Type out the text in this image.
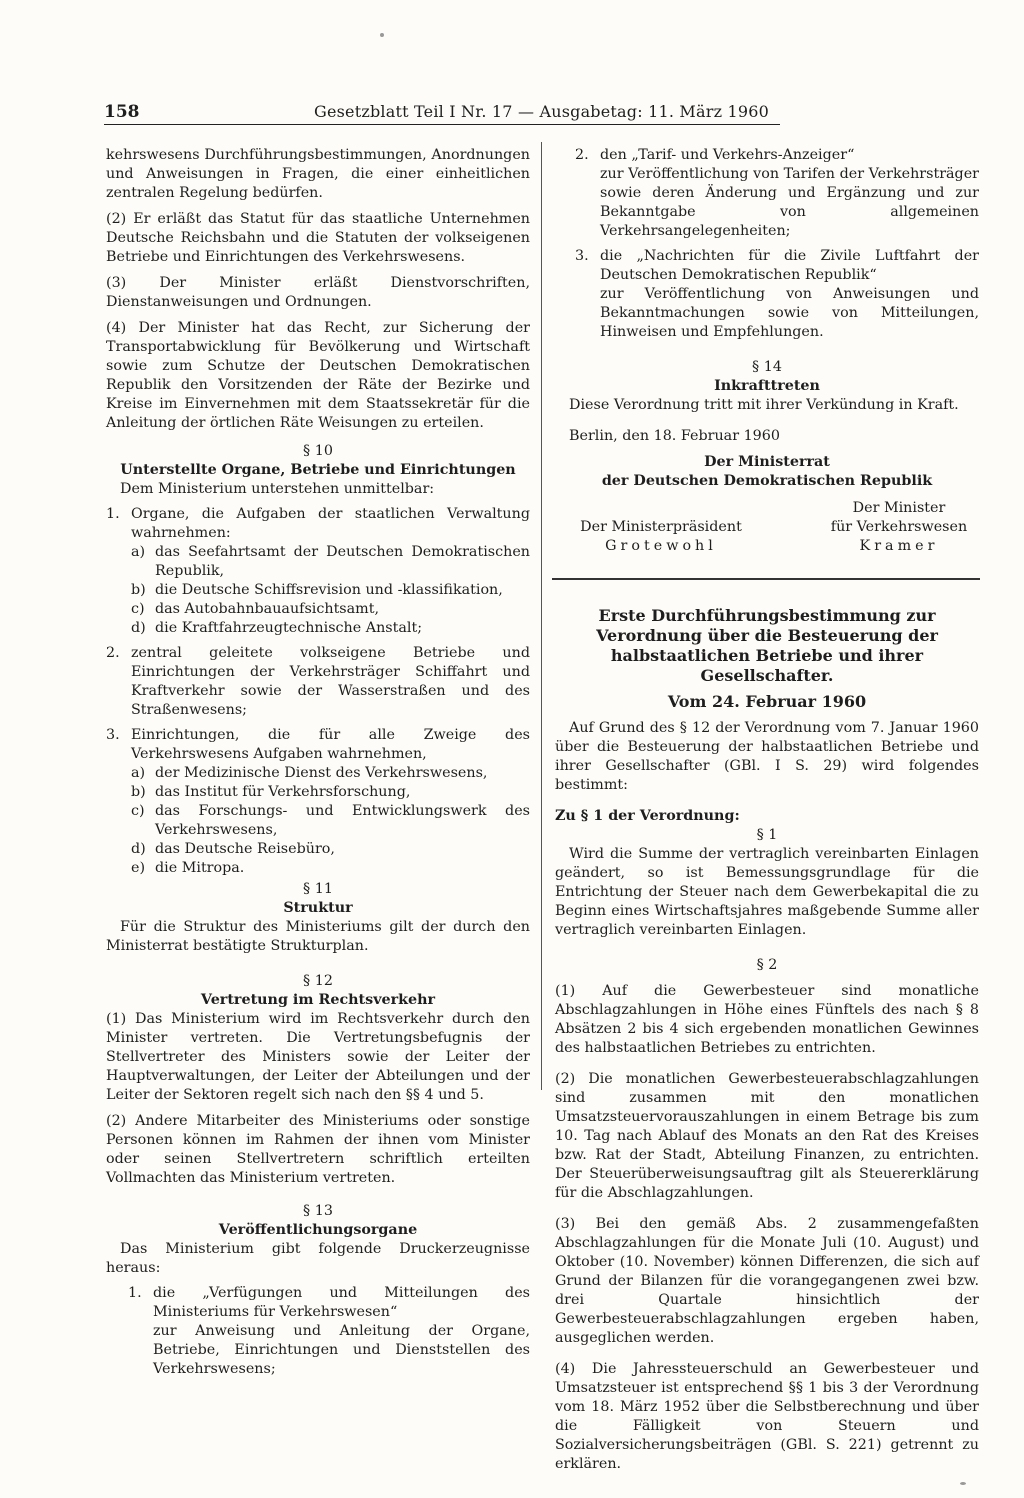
158	Gesetzblatt Teil I Nr. 17 — Ausgabetag: 11. März 1960

kehrswesens Durchführungsbestimmungen, Anordnungen und Anweisungen in Fragen, die einer einheitlichen zentralen Regelung bedürfen.

(2) Er erläßt das Statut für das staatliche Unternehmen Deutsche Reichsbahn und die Statuten der volkseigenen Betriebe und Einrichtungen des Verkehrswesens.

(3) Der Minister erläßt Dienstvorschriften, Dienstanweisungen und Ordnungen.

(4) Der Minister hat das Recht, zur Sicherung der Transportabwicklung für Bevölkerung und Wirtschaft sowie zum Schutze der Deutschen Demokratischen Republik den Vorsitzenden der Räte der Bezirke und Kreise im Einvernehmen mit dem Staatssekretär für die Anleitung der örtlichen Räte Weisungen zu erteilen.

§ 10

Unterstellte Organe, Betriebe und Einrichtungen

Dem Ministerium unterstehen unmittelbar:

1. Organe, die Aufgaben der staatlichen Verwaltung wahrnehmen:

a) das Seefahrtsamt der Deutschen Demokratischen Republik,
b) die Deutsche Schiffsrevision und -klassifikation,
c) das Autobahnbauaufsichtsamt,
d) die Kraftfahrzeugtechnische Anstalt;
2. zentral geleitete volkseigene Betriebe und Einrichtungen der Verkehrsträger Schiffahrt und Kraftverkehr sowie der Wasserstraßen und des Straßenwesens;

3. Einrichtungen, die für alle Zweige des Verkehrswesens Aufgaben wahrnehmen,

a) der Medizinische Dienst des Verkehrswesens,
b) das Institut für Verkehrsforschung,
c) das Forschungs- und Entwicklungswerk des Verkehrswesens,
d) das Deutsche Reisebüro,
e) die Mitropa.

§ 11

Struktur

Für die Struktur des Ministeriums gilt der durch den Ministerrat bestätigte Strukturplan.

§ 12

Vertretung im Rechtsverkehr

(1) Das Ministerium wird im Rechtsverkehr durch den Minister vertreten. Die Vertretungsbefugnis der Stellvertreter des Ministers sowie der Leiter der Hauptverwaltungen, der Leiter der Abteilungen und der Leiter der Sektoren regelt sich nach den §§ 4 und 5.

(2) Andere Mitarbeiter des Ministeriums oder sonstige Personen können im Rahmen der ihnen vom Minister oder seinen Stellvertretern schriftlich erteilten Vollmachten das Ministerium vertreten.

§ 13

Veröffentlichungsorgane

Das Ministerium gibt folgende Druckerzeugnisse heraus:

1. die „Verfügungen und Mitteilungen des Ministeriums für Verkehrswesen“

zur Anweisung und Anleitung der Organe, Betriebe, Einrichtungen und Dienststellen des Verkehrswesens;

2. den „Tarif- und Verkehrs-Anzeiger“

zur Veröffentlichung von Tarifen der Verkehrsträger sowie deren Änderung und Ergänzung und zur Bekanntgabe von allgemeinen Verkehrsangelegenheiten;

3. die „Nachrichten für die Zivile Luftfahrt der Deutschen Demokratischen Republik“

zur Veröffentlichung von Anweisungen und Bekanntmachungen sowie von Mitteilungen, Hinweisen und Empfehlungen.

§ 14

Inkrafttreten

Diese Verordnung tritt mit ihrer Verkündung in Kraft.

Berlin, den 18. Februar 1960

Der Ministerrat

der Deutschen Demokratischen Republik

Der Ministerpräsident

Grotewohl

Der Minister

für Verkehrswesen

Kramer

Erste Durchführungsbestimmung zur Verordnung über die Besteuerung der halbstaatlichen Betriebe und ihrer Gesellschafter.

Vom 24. Februar 1960

Auf Grund des § 12 der Verordnung vom 7. Januar 1960 über die Besteuerung der halbstaatlichen Betriebe und ihrer Gesellschafter (GBl. I S. 29) wird folgendes bestimmt:

Zu § 1 der Verordnung:

§ 1

Wird die Summe der vertraglich vereinbarten Einlagen geändert, so ist Bemessungsgrundlage für die Entrichtung der Steuer nach dem Gewerbekapital die zu Beginn eines Wirtschaftsjahres maßgebende Summe aller vertraglich vereinbarten Einlagen.

§ 2

(1) Auf die Gewerbesteuer sind monatliche Abschlagzahlungen in Höhe eines Fünftels des nach § 8 Absätzen 2 bis 4 sich ergebenden monatlichen Gewinnes des halbstaatlichen Betriebes zu entrichten.

(2) Die monatlichen Gewerbesteuerabschlagzahlungen sind zusammen mit den monatlichen Umsatzsteuervorauszahlungen in einem Betrage bis zum 10. Tag nach Ablauf des Monats an den Rat des Kreises bzw. Rat der Stadt, Abteilung Finanzen, zu entrichten. Der Steuerüberweisungsauftrag gilt als Steuererklärung für die Abschlagzahlungen.

(3) Bei den gemäß Abs. 2 zusammengefaßten Abschlagzahlungen für die Monate Juli (10. August) und Oktober (10. November) können Differenzen, die sich auf Grund der Bilanzen für die vorangegangenen zwei bzw. drei Quartale hinsichtlich der Gewerbesteuerabschlagzahlungen ergeben haben, ausgeglichen werden.

(4) Die Jahressteuerschuld an Gewerbesteuer und Umsatzsteuer ist entsprechend §§ 1 bis 3 der Verordnung vom 18. März 1952 über die Selbstberechnung und über die Fälligkeit von Steuern und Sozialversicherungsbeiträgen (GBl. S. 221) getrennt zu erklären.
